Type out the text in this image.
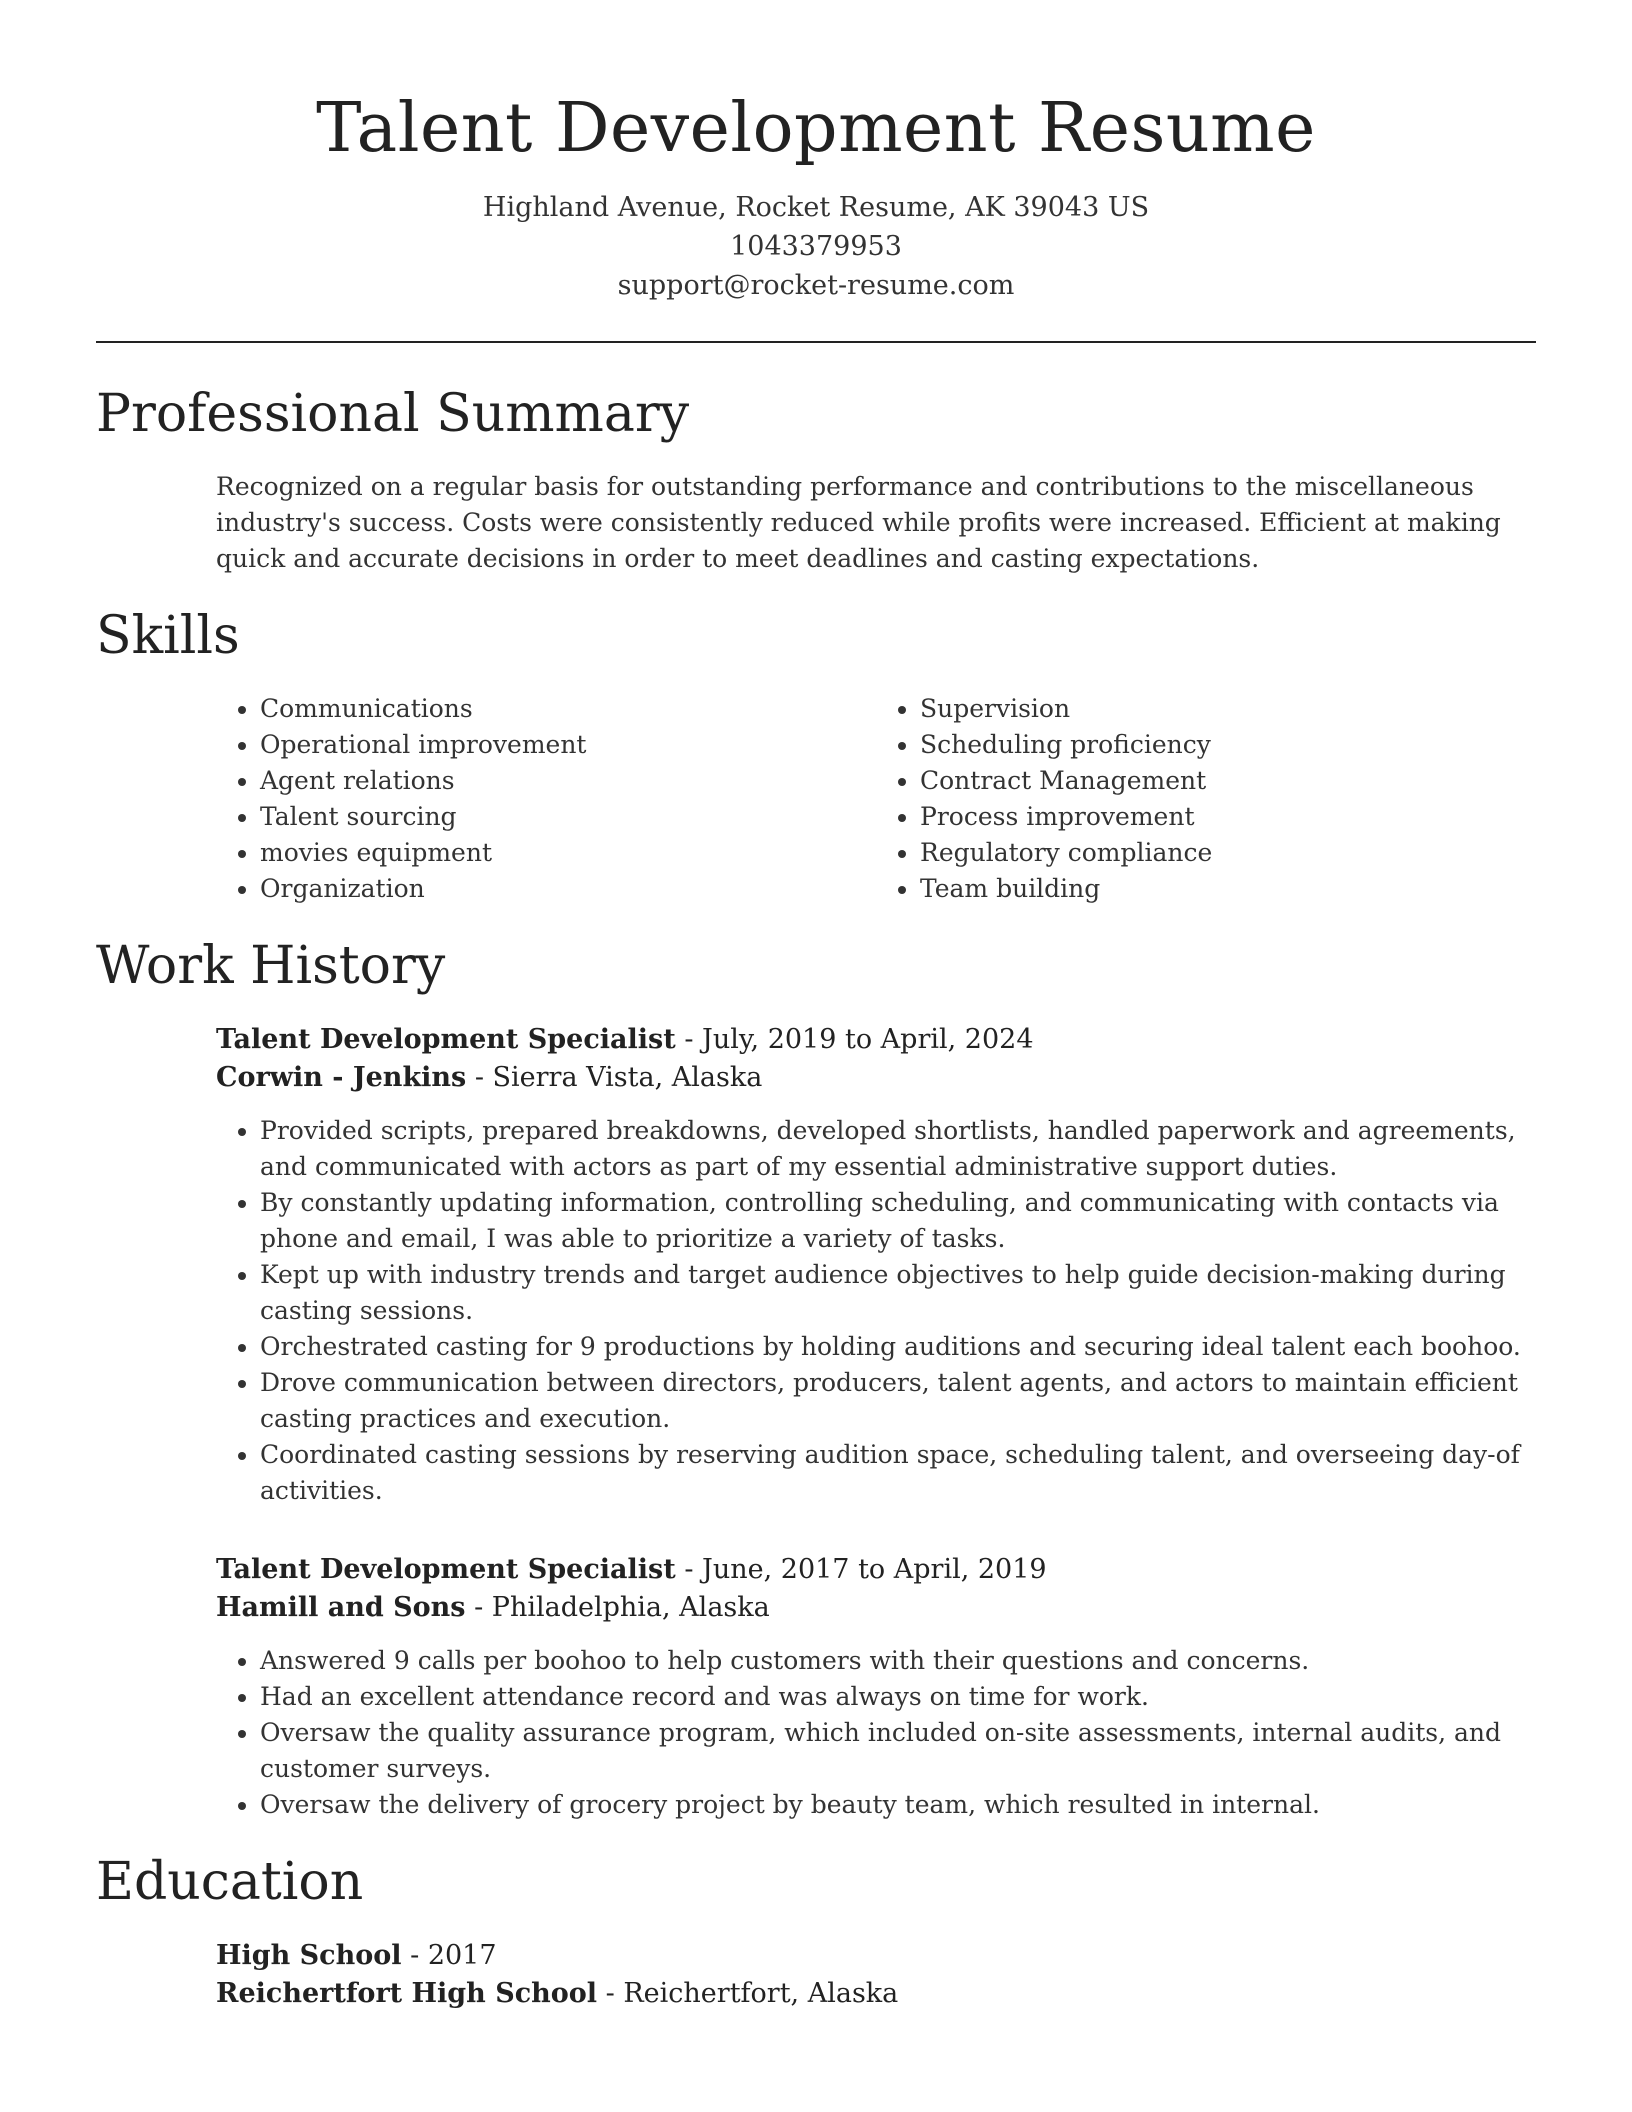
Talent Development Resume
Highland Avenue, Rocket Resume, AK 39043 US
1043379953
support@rocket-resume.com
Professional Summary
Recognized on a regular basis for outstanding performance and contributions to the miscellaneous industry's success. Costs were consistently reduced while profits were increased. Efficient at making quick and accurate decisions in order to meet deadlines and casting expectations.
Skills
• Communications
• Operational improvement
• Agent relations
• Talent sourcing
• movies equipment
• Organization
• Supervision
• Scheduling proficiency
• Contract Management
• Process improvement
• Regulatory compliance
• Team building
Work History
Talent Development Specialist - July, 2019 to April, 2024
Corwin - Jenkins - Sierra Vista, Alaska
• Provided scripts, prepared breakdowns, developed shortlists, handled paperwork and agreements, and communicated with actors as part of my essential administrative support duties.
• By constantly updating information, controlling scheduling, and communicating with contacts via phone and email, I was able to prioritize a variety of tasks.
• Kept up with industry trends and target audience objectives to help guide decision-making during casting sessions.
• Orchestrated casting for 9 productions by holding auditions and securing ideal talent each boohoo.
• Drove communication between directors, producers, talent agents, and actors to maintain efficient casting practices and execution.
• Coordinated casting sessions by reserving audition space, scheduling talent, and overseeing day-of activities.
Talent Development Specialist - June, 2017 to April, 2019
Hamill and Sons - Philadelphia, Alaska
• Answered 9 calls per boohoo to help customers with their questions and concerns.
• Had an excellent attendance record and was always on time for work.
• Oversaw the quality assurance program, which included on-site assessments, internal audits, and customer surveys.
• Oversaw the delivery of grocery project by beauty team, which resulted in internal.
Education
High School - 2017
Reichertfort High School - Reichertfort, Alaska
